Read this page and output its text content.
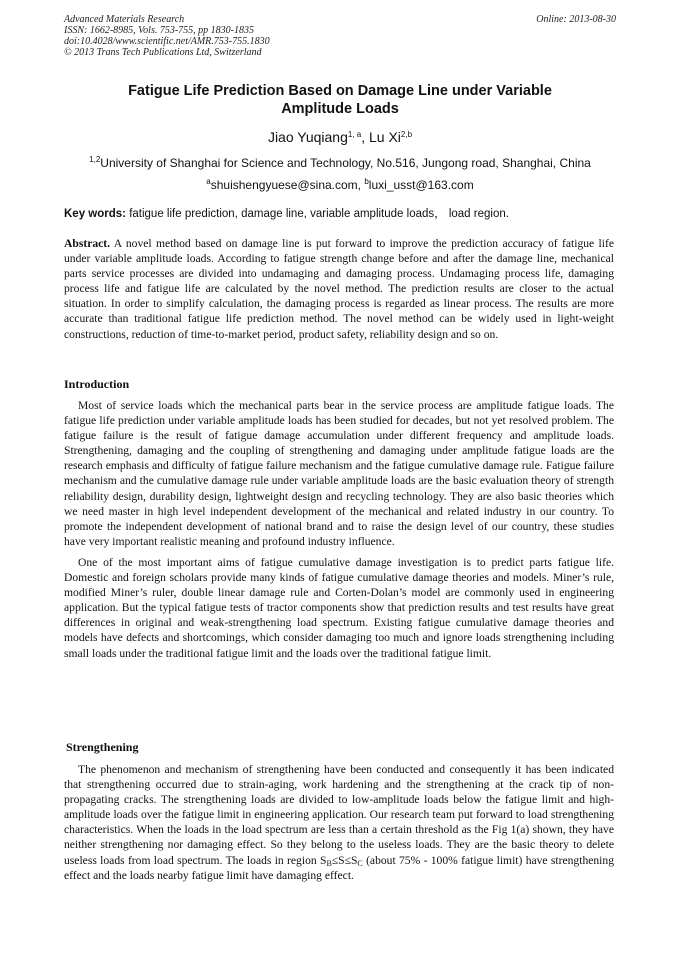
Advanced Materials Research
ISSN: 1662-8985, Vols. 753-755, pp 1830-1835
doi:10.4028/www.scientific.net/AMR.753-755.1830
© 2013 Trans Tech Publications Ltd, Switzerland
Online: 2013-08-30
Fatigue Life Prediction Based on Damage Line under Variable
Amplitude Loads
Jiao Yuqiang$^{1, a}$, Lu Xi$^{2,b}$
$^{1,2}$University of Shanghai for Science and Technology, No.516, Jungong road, Shanghai, China
$^a$shuishengyuese@sina.com, $^b$luxi_usst@163.com
Key words: fatigue life prediction, damage line, variable amplitude loads， load region.

Abstract. A novel method based on damage line is put forward to improve the prediction accuracy of fatigue life under variable amplitude loads. According to fatigue strength change before and after the damage line, mechanical parts service processes are divided into undamaging and damaging process. Undamaging process life, damaging process life and fatigue life are calculated by the novel method. The prediction results are closer to the actual situation. In order to simplify calculation, the damaging process is regarded as linear process. The results are more accurate than traditional fatigue life prediction method. The novel method can be widely used in light-weight constructions, reduction of time-to-market period, product safety, reliability design and so on.

Introduction

Most of service loads which the mechanical parts bear in the service process are amplitude fatigue loads. The fatigue life prediction under variable amplitude loads has been studied for decades, but not yet resolved problem. The fatigue failure is the result of fatigue damage accumulation under different frequency and amplitude loads. Strengthening, damaging and the coupling of strengthening and damaging under amplitude fatigue loads are the research emphasis and difficulty of fatigue failure mechanism and the fatigue cumulative damage rule. Fatigue failure mechanism and the cumulative damage rule under variable amplitude loads are the basic evaluation theory of strength reliability design, durability design, lightweight design and recycling technology. They are also basic theories which we need master in high level independent development of the mechanical and related industry in our country. To promote the independent development of national brand and to raise the design level of our country, these studies have very important realistic meaning and profound industry influence.

One of the most important aims of fatigue cumulative damage investigation is to predict parts fatigue life. Domestic and foreign scholars provide many kinds of fatigue cumulative damage theories and models. Miner’s rule, modified Miner’s ruler, double linear damage rule and Corten-Dolan’s model are commonly used in engineering application. But the typical fatigue tests of tractor components show that prediction results and test results have great differences in original and weak-strengthening load spectrum. Existing fatigue cumulative damage theories and models have defects and shortcomings, which consider damaging too much and ignore loads strengthening including small loads under the traditional fatigue limit and the loads over the traditional fatigue limit.

Strengthening

The phenomenon and mechanism of strengthening have been conducted and consequently it has been indicated that strengthening occurred due to strain-aging, work hardening and the strengthening at the crack tip of non-propagating cracks. The strengthening loads are divided to low-amplitude loads below the fatigue limit and high-amplitude loads over the fatigue limit in engineering application. Our research team put forward to load strengthening characteristics. When the loads in the load spectrum are less than a certain threshold as the Fig 1(a) shown, they have neither strengthening nor damaging effect. So they belong to the useless loads. They are the basic theory to delete useless loads from load spectrum. The loads in region $S_B\le S\le S_C$ (about 75% - 100% fatigue limit) have strengthening effect and the loads nearby fatigue limit have damaging effect.
